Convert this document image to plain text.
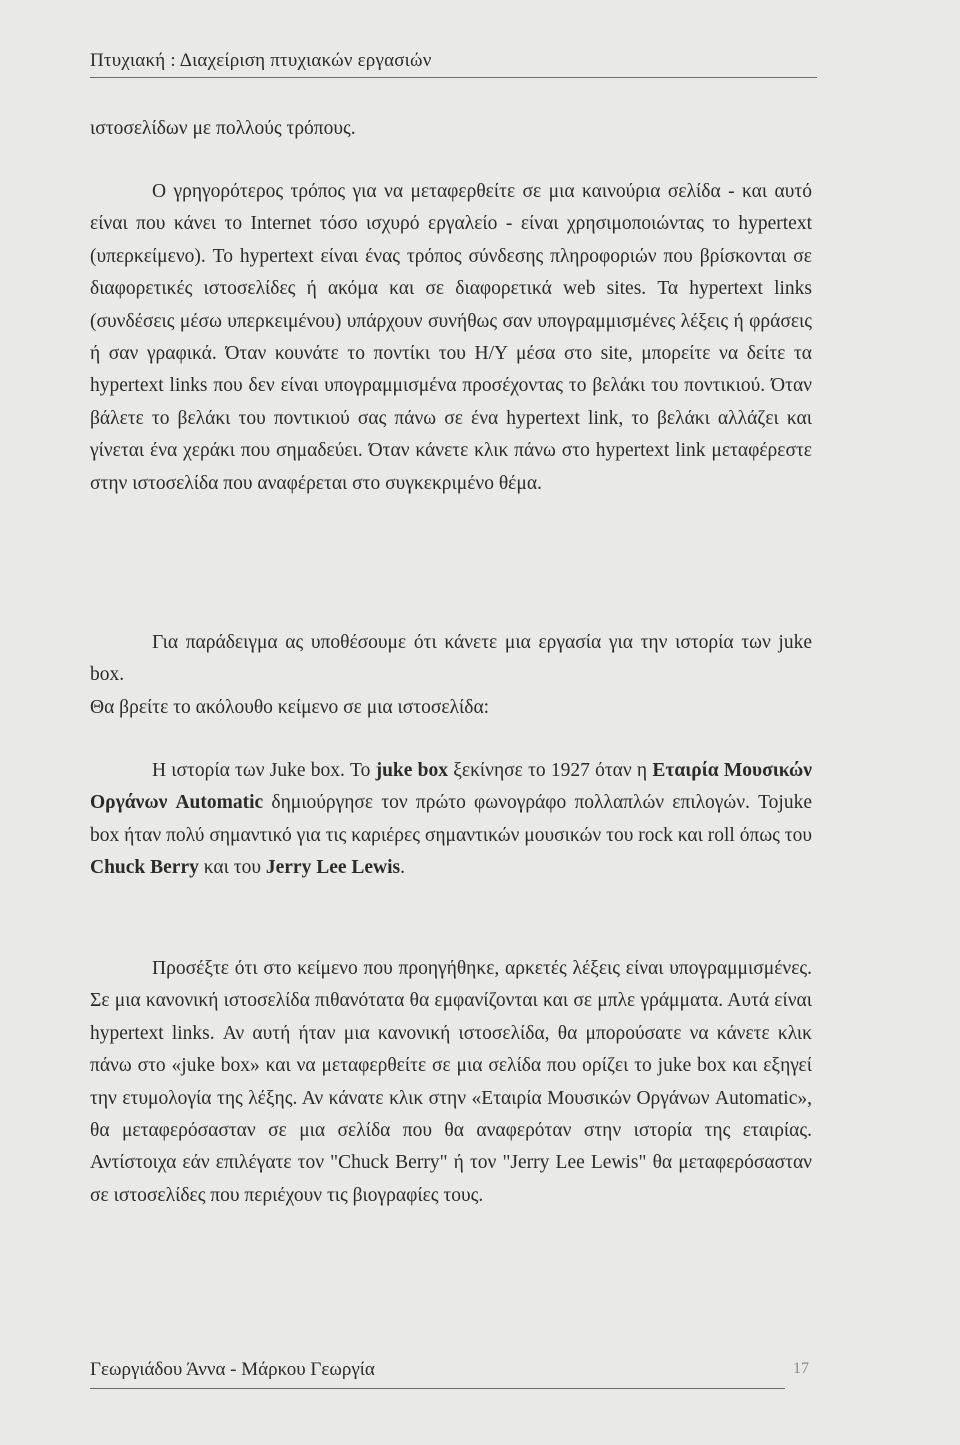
Πτυχιακή : Διαχείριση πτυχιακών εργασιών

ιστοσελίδων με πολλούς τρόπους.

Ο γρηγορότερος τρόπος για να μεταφερθείτε σε μια καινούρια σελίδα - και αυτό είναι που κάνει το Internet τόσο ισχυρό εργαλείο - είναι χρησιμοποιώντας το hypertext (υπερκείμενο). Το hypertext είναι ένας τρόπος σύνδεσης πληροφοριών που βρίσκονται σε διαφορετικές ιστοσελίδες ή ακόμα και σε διαφορετικά web sites. Τα hypertext links (συνδέσεις μέσω υπερκειμένου) υπάρχουν συνήθως σαν υπογραμμισμένες λέξεις ή φράσεις ή σαν γραφικά. Όταν κουνάτε το ποντίκι του Η/Υ μέσα στο site, μπορείτε να δείτε τα hypertext links που δεν είναι υπογραμμισμένα προσέχοντας το βελάκι του ποντικιού. Όταν βάλετε το βελάκι του ποντικιού σας πάνω σε ένα hypertext link, το βελάκι αλλάζει και γίνεται ένα χεράκι που σημαδεύει. Όταν κάνετε κλικ πάνω στο hypertext link μεταφέρεστε στην ιστοσελίδα που αναφέρεται στο συγκεκριμένο θέμα.

Για παράδειγμα ας υποθέσουμε ότι κάνετε μια εργασία για την ιστορία των juke box.

Θα βρείτε το ακόλουθο κείμενο σε μια ιστοσελίδα:

Η ιστορία των Juke box. Το juke box ξεκίνησε το 1927 όταν η Εταιρία Μουσικών Οργάνων Automatic δημιούργησε τον πρώτο φωνογράφο πολλαπλών επιλογών. Tojuke box ήταν πολύ σημαντικό για τις καριέρες σημαντικών μουσικών του rock και roll όπως του Chuck Berry και του Jerry Lee Lewis.

Προσέξτε ότι στο κείμενο που προηγήθηκε, αρκετές λέξεις είναι υπογραμμισμένες. Σε μια κανονική ιστοσελίδα πιθανότατα θα εμφανίζονται και σε μπλε γράμματα. Αυτά είναι hypertext links. Αν αυτή ήταν μια κανονική ιστοσελίδα, θα μπορούσατε να κάνετε κλικ πάνω στο «juke box» και να μεταφερθείτε σε μια σελίδα που ορίζει το juke box και εξηγεί την ετυμολογία της λέξης. Αν κάνατε κλικ στην «Εταιρία Μουσικών Οργάνων Automatic», θα μεταφερόσασταν σε μια σελίδα που θα αναφερόταν στην ιστορία της εταιρίας. Αντίστοιχα εάν επιλέγατε τον "Chuck Berry" ή τον "Jerry Lee Lewis" θα μεταφερόσασταν σε ιστοσελίδες που περιέχουν τις βιογραφίες τους.

Γεωργιάδου Άννα - Μάρκου Γεωργία	17
